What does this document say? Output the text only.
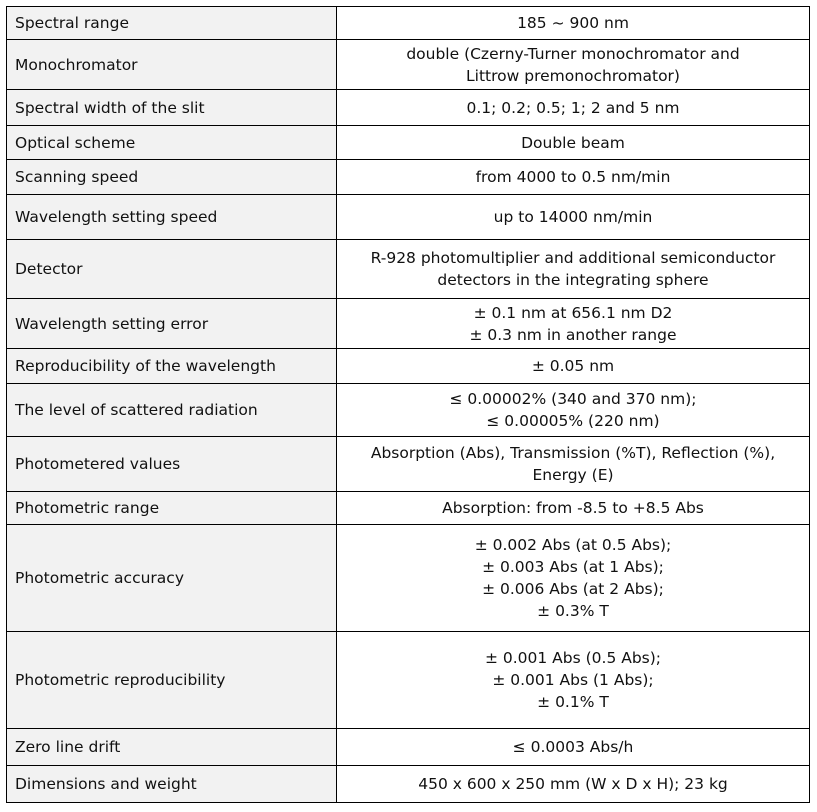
Spectral range	185 ~ 900 nm

Monochromator	double (Czerny-Turner monochromator and
Littrow premonochromator)

Spectral width of the slit	0.1; 0.2; 0.5; 1; 2 and 5 nm

Optical scheme	Double beam

Scanning speed	from 4000 to 0.5 nm/min

Wavelength setting speed	up to 14000 nm/min

Detector	R-928 photomultiplier and additional semiconductor
detectors in the integrating sphere

Wavelength setting error	± 0.1 nm at 656.1 nm D2
± 0.3 nm in another range

Reproducibility of the wavelength	± 0.05 nm

The level of scattered radiation	≤ 0.00002% (340 and 370 nm);
≤ 0.00005% (220 nm)

Photometered values	Absorption (Abs), Transmission (%T), Reflection (%),
Energy (E)

Photometric range	Absorption: from -8.5 to +8.5 Abs

Photometric accuracy	± 0.002 Abs (at 0.5 Abs);
± 0.003 Abs (at 1 Abs);
± 0.006 Abs (at 2 Abs);
± 0.3% T

Photometric reproducibility	± 0.001 Abs (0.5 Abs);
± 0.001 Abs (1 Abs);
± 0.1% T

Zero line drift	≤ 0.0003 Abs/h

Dimensions and weight	450 x 600 x 250 mm (W x D x H); 23 kg
